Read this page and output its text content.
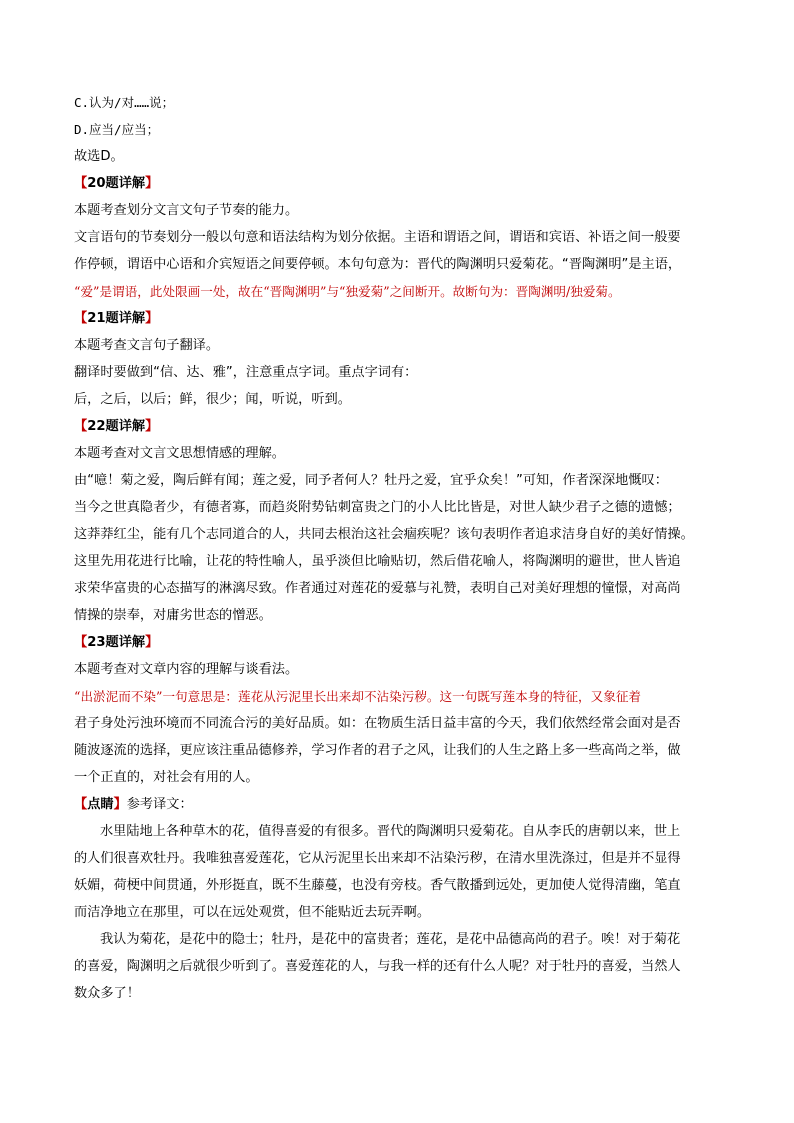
C.认为/对……说；

D.应当/应当；

故选D。

【20题详解】

本题考查划分文言文句子节奏的能力。

文言语句的节奏划分一般以句意和语法结构为划分依据。主语和谓语之间，谓语和宾语、补语之间一般要

作停顿，谓语中心语和介宾短语之间要停顿。本句句意为：晋代的陶渊明只爱菊花。“晋陶渊明”是主语，

“爱”是谓语，此处限画一处，故在“晋陶渊明”与“独爱菊”之间断开。故断句为：晋陶渊明/独爱菊。

【21题详解】

本题考查文言句子翻译。

翻译时要做到“信、达、雅”，注意重点字词。重点字词有：

后，之后，以后；鲜，很少；闻，听说，听到。

【22题详解】

本题考查对文言文思想情感的理解。

由“噫！菊之爱，陶后鲜有闻；莲之爱，同予者何人？牡丹之爱，宜乎众矣！”可知，作者深深地慨叹：

当今之世真隐者少，有德者寡，而趋炎附势钻刺富贵之门的小人比比皆是，对世人缺少君子之德的遗憾；

这莽莽红尘，能有几个志同道合的人，共同去根治这社会痼疾呢？该句表明作者追求洁身自好的美好情操。

这里先用花进行比喻，让花的特性喻人，虽乎淡但比喻贴切，然后借花喻人，将陶渊明的避世，世人皆追

求荣华富贵的心态描写的淋漓尽致。作者通过对莲花的爱慕与礼赞，表明自己对美好理想的憧憬，对高尚

情操的崇奉，对庸劣世态的憎恶。

【23题详解】

本题考查对文章内容的理解与谈看法。

“出淤泥而不染”一句意思是：莲花从污泥里长出来却不沾染污秽。这一句既写莲本身的特征，又象征着

君子身处污浊环境而不同流合污的美好品质。如：在物质生活日益丰富的今天，我们依然经常会面对是否

随波逐流的选择，更应该注重品德修养，学习作者的君子之风，让我们的人生之路上多一些高尚之举，做

一个正直的，对社会有用的人。

【点睛】参考译文：

水里陆地上各种草木的花，值得喜爱的有很多。晋代的陶渊明只爱菊花。自从李氏的唐朝以来，世上

的人们很喜欢牡丹。我唯独喜爱莲花，它从污泥里长出来却不沾染污秽，在清水里洗涤过，但是并不显得

妖媚，荷梗中间贯通，外形挺直，既不生藤蔓，也没有旁枝。香气散播到远处，更加使人觉得清幽，笔直

而洁净地立在那里，可以在远处观赏，但不能贴近去玩弄啊。

我认为菊花，是花中的隐士；牡丹，是花中的富贵者；莲花，是花中品德高尚的君子。唉！对于菊花

的喜爱，陶渊明之后就很少听到了。喜爱莲花的人，与我一样的还有什么人呢？对于牡丹的喜爱，当然人

数众多了！
